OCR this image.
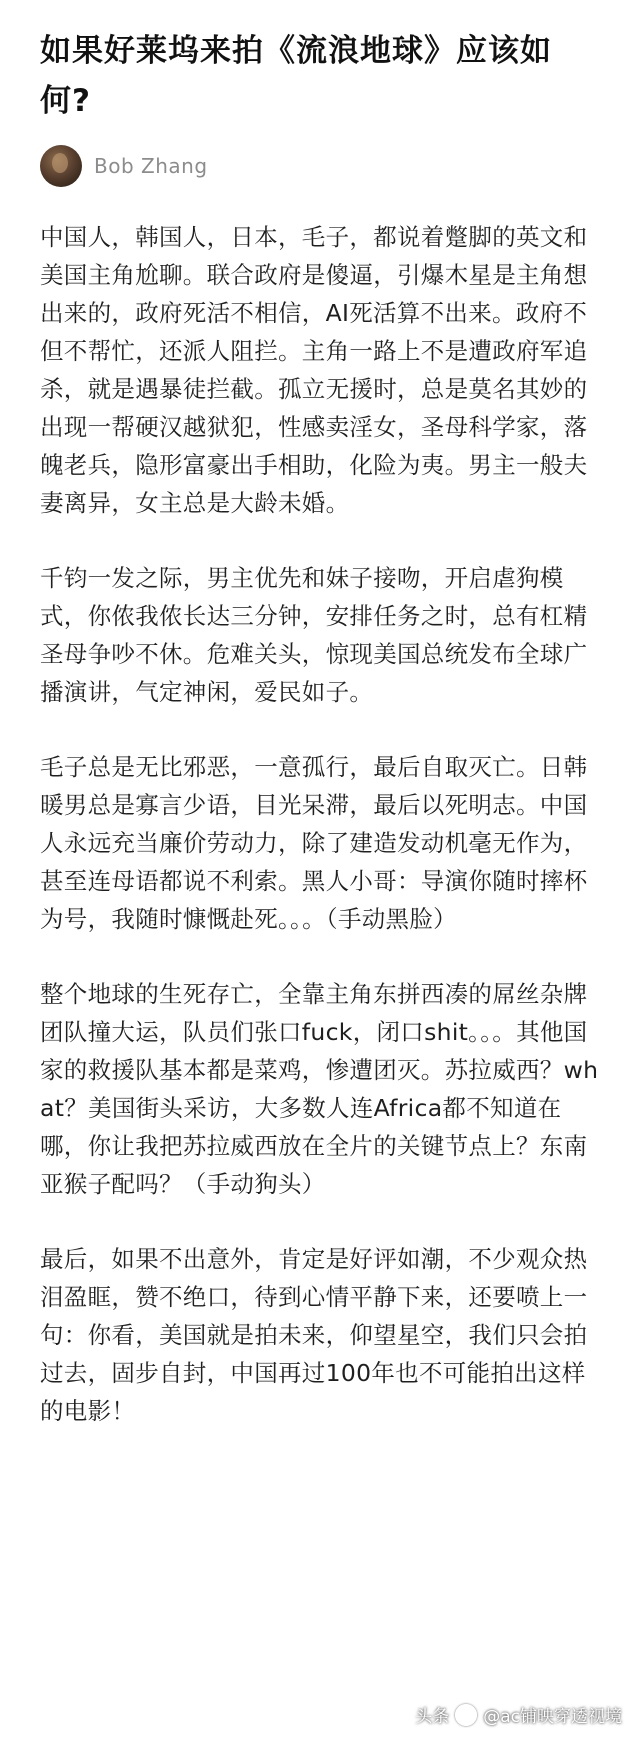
如果好莱坞来拍《流浪地球》应该如何?
Bob Zhang

中国人，韩国人，日本，毛子，都说着蹩脚的英文和美国主角尬聊。联合政府是傻逼，引爆木星是主角想出来的，政府死活不相信，AI死活算不出来。政府不但不帮忙，还派人阻拦。主角一路上不是遭政府军追杀，就是遇暴徒拦截。孤立无援时，总是莫名其妙的出现一帮硬汉越狱犯，性感卖淫女，圣母科学家，落魄老兵，隐形富豪出手相助，化险为夷。男主一般夫妻离异，女主总是大龄未婚。

千钧一发之际，男主优先和妹子接吻，开启虐狗模式，你侬我侬长达三分钟，安排任务之时，总有杠精圣母争吵不休。危难关头，惊现美国总统发布全球广播演讲，气定神闲，爱民如子。

毛子总是无比邪恶，一意孤行，最后自取灭亡。日韩暖男总是寡言少语，目光呆滞，最后以死明志。中国人永远充当廉价劳动力，除了建造发动机毫无作为，甚至连母语都说不利索。黑人小哥：导演你随时摔杯为号，我随时慷慨赴死。。。（手动黑脸）

整个地球的生死存亡，全靠主角东拼西凑的屌丝杂牌团队撞大运，队员们张口fuck，闭口shit。。。其他国家的救援队基本都是菜鸡，惨遭团灭。苏拉威西？what？美国街头采访，大多数人连Africa都不知道在哪，你让我把苏拉威西放在全片的关键节点上？东南亚猴子配吗？（手动狗头）

最后，如果不出意外，肯定是好评如潮，不少观众热泪盈眶，赞不绝口，待到心情平静下来，还要喷上一句：你看，美国就是拍未来，仰望星空，我们只会拍过去，固步自封，中国再过100年也不可能拍出这样的电影！

头条 @ac铺映穿透视境
